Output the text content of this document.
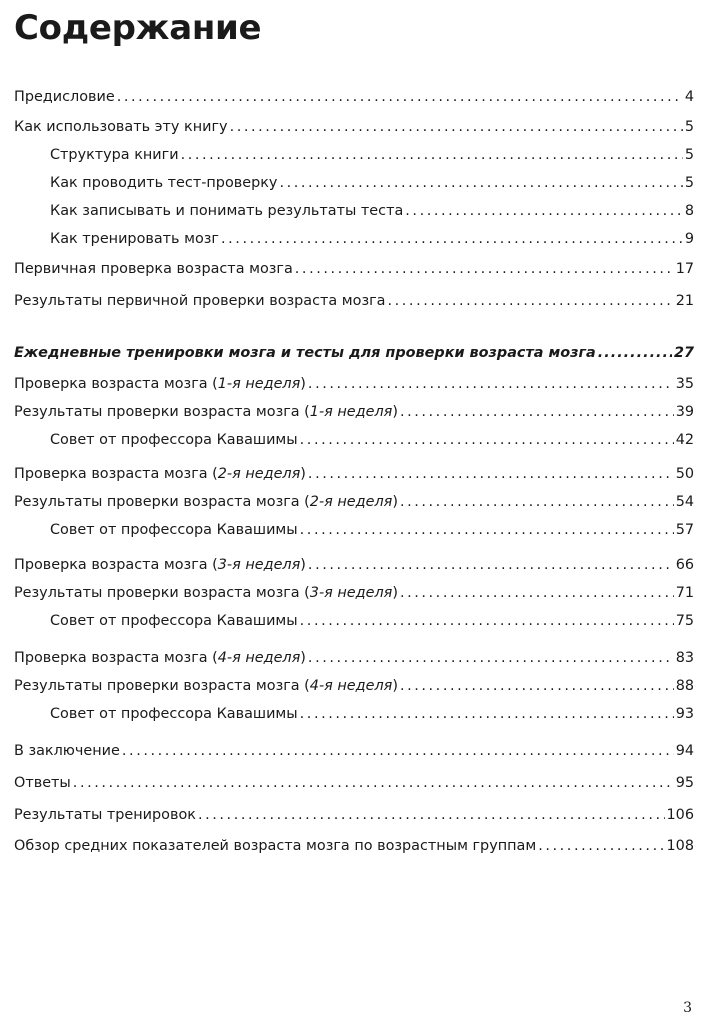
Содержание
Предисловие . . .	4
Как использовать эту книгу . . .	5
Структура книги . . .	5
Как проводить тест-проверку . . .	5
Как записывать и понимать результаты теста . . .	8
Как тренировать мозг . . .	9
Первичная проверка возраста мозга . . .	17
Результаты первичной проверки возраста мозга . . .	21
Ежедневные тренировки мозга и тесты для проверки возраста мозга . . .	27
Проверка возраста мозга (1-я неделя) . . .	35
Результаты проверки возраста мозга (1-я неделя) . . .	39
Совет от профессора Кавашимы . . .	42
Проверка возраста мозга (2-я неделя) . . .	50
Результаты проверки возраста мозга (2-я неделя) . . .	54
Совет от профессора Кавашимы . . .	57
Проверка возраста мозга (3-я неделя) . . .	66
Результаты проверки возраста мозга (3-я неделя) . . .	71
Совет от профессора Кавашимы . . .	75
Проверка возраста мозга (4-я неделя) . . .	83
Результаты проверки возраста мозга (4-я неделя) . . .	88
Совет от профессора Кавашимы . . .	93
В заключение . . .	94
Ответы . . .	95
Результаты тренировок . . .	106
Обзор средних показателей возраста мозга по возрастным группам . . .	108
3
